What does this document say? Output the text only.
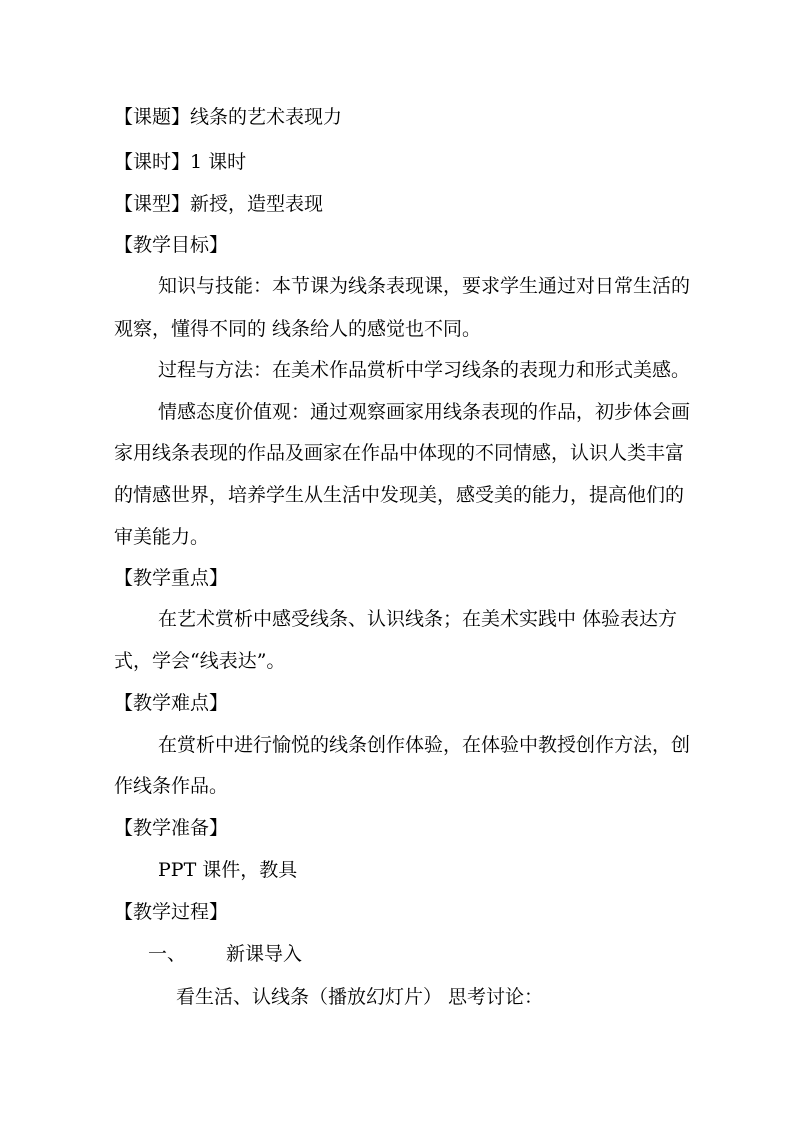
【课题】线条的艺术表现力
【课时】1 课时
【课型】新授，造型表现
【教学目标】
知识与技能：本节课为线条表现课，要求学生通过对日常生活的
观察，懂得不同的 线条给人的感觉也不同。
过程与方法：在美术作品赏析中学习线条的表现力和形式美感。
情感态度价值观：通过观察画家用线条表现的作品，初步体会画
家用线条表现的作品及画家在作品中体现的不同情感，认识人类丰富
的情感世界，培养学生从生活中发现美，感受美的能力，提高他们的
审美能力。
【教学重点】
在艺术赏析中感受线条、认识线条；在美术实践中 体验表达方
式，学会“线表达”。
【教学难点】
在赏析中进行愉悦的线条创作体验，在体验中教授创作方法，创
作线条作品。
【教学准备】
PPT 课件，教具
【教学过程】
一、 新课导入
看生活、认线条（播放幻灯片） 思考讨论：
